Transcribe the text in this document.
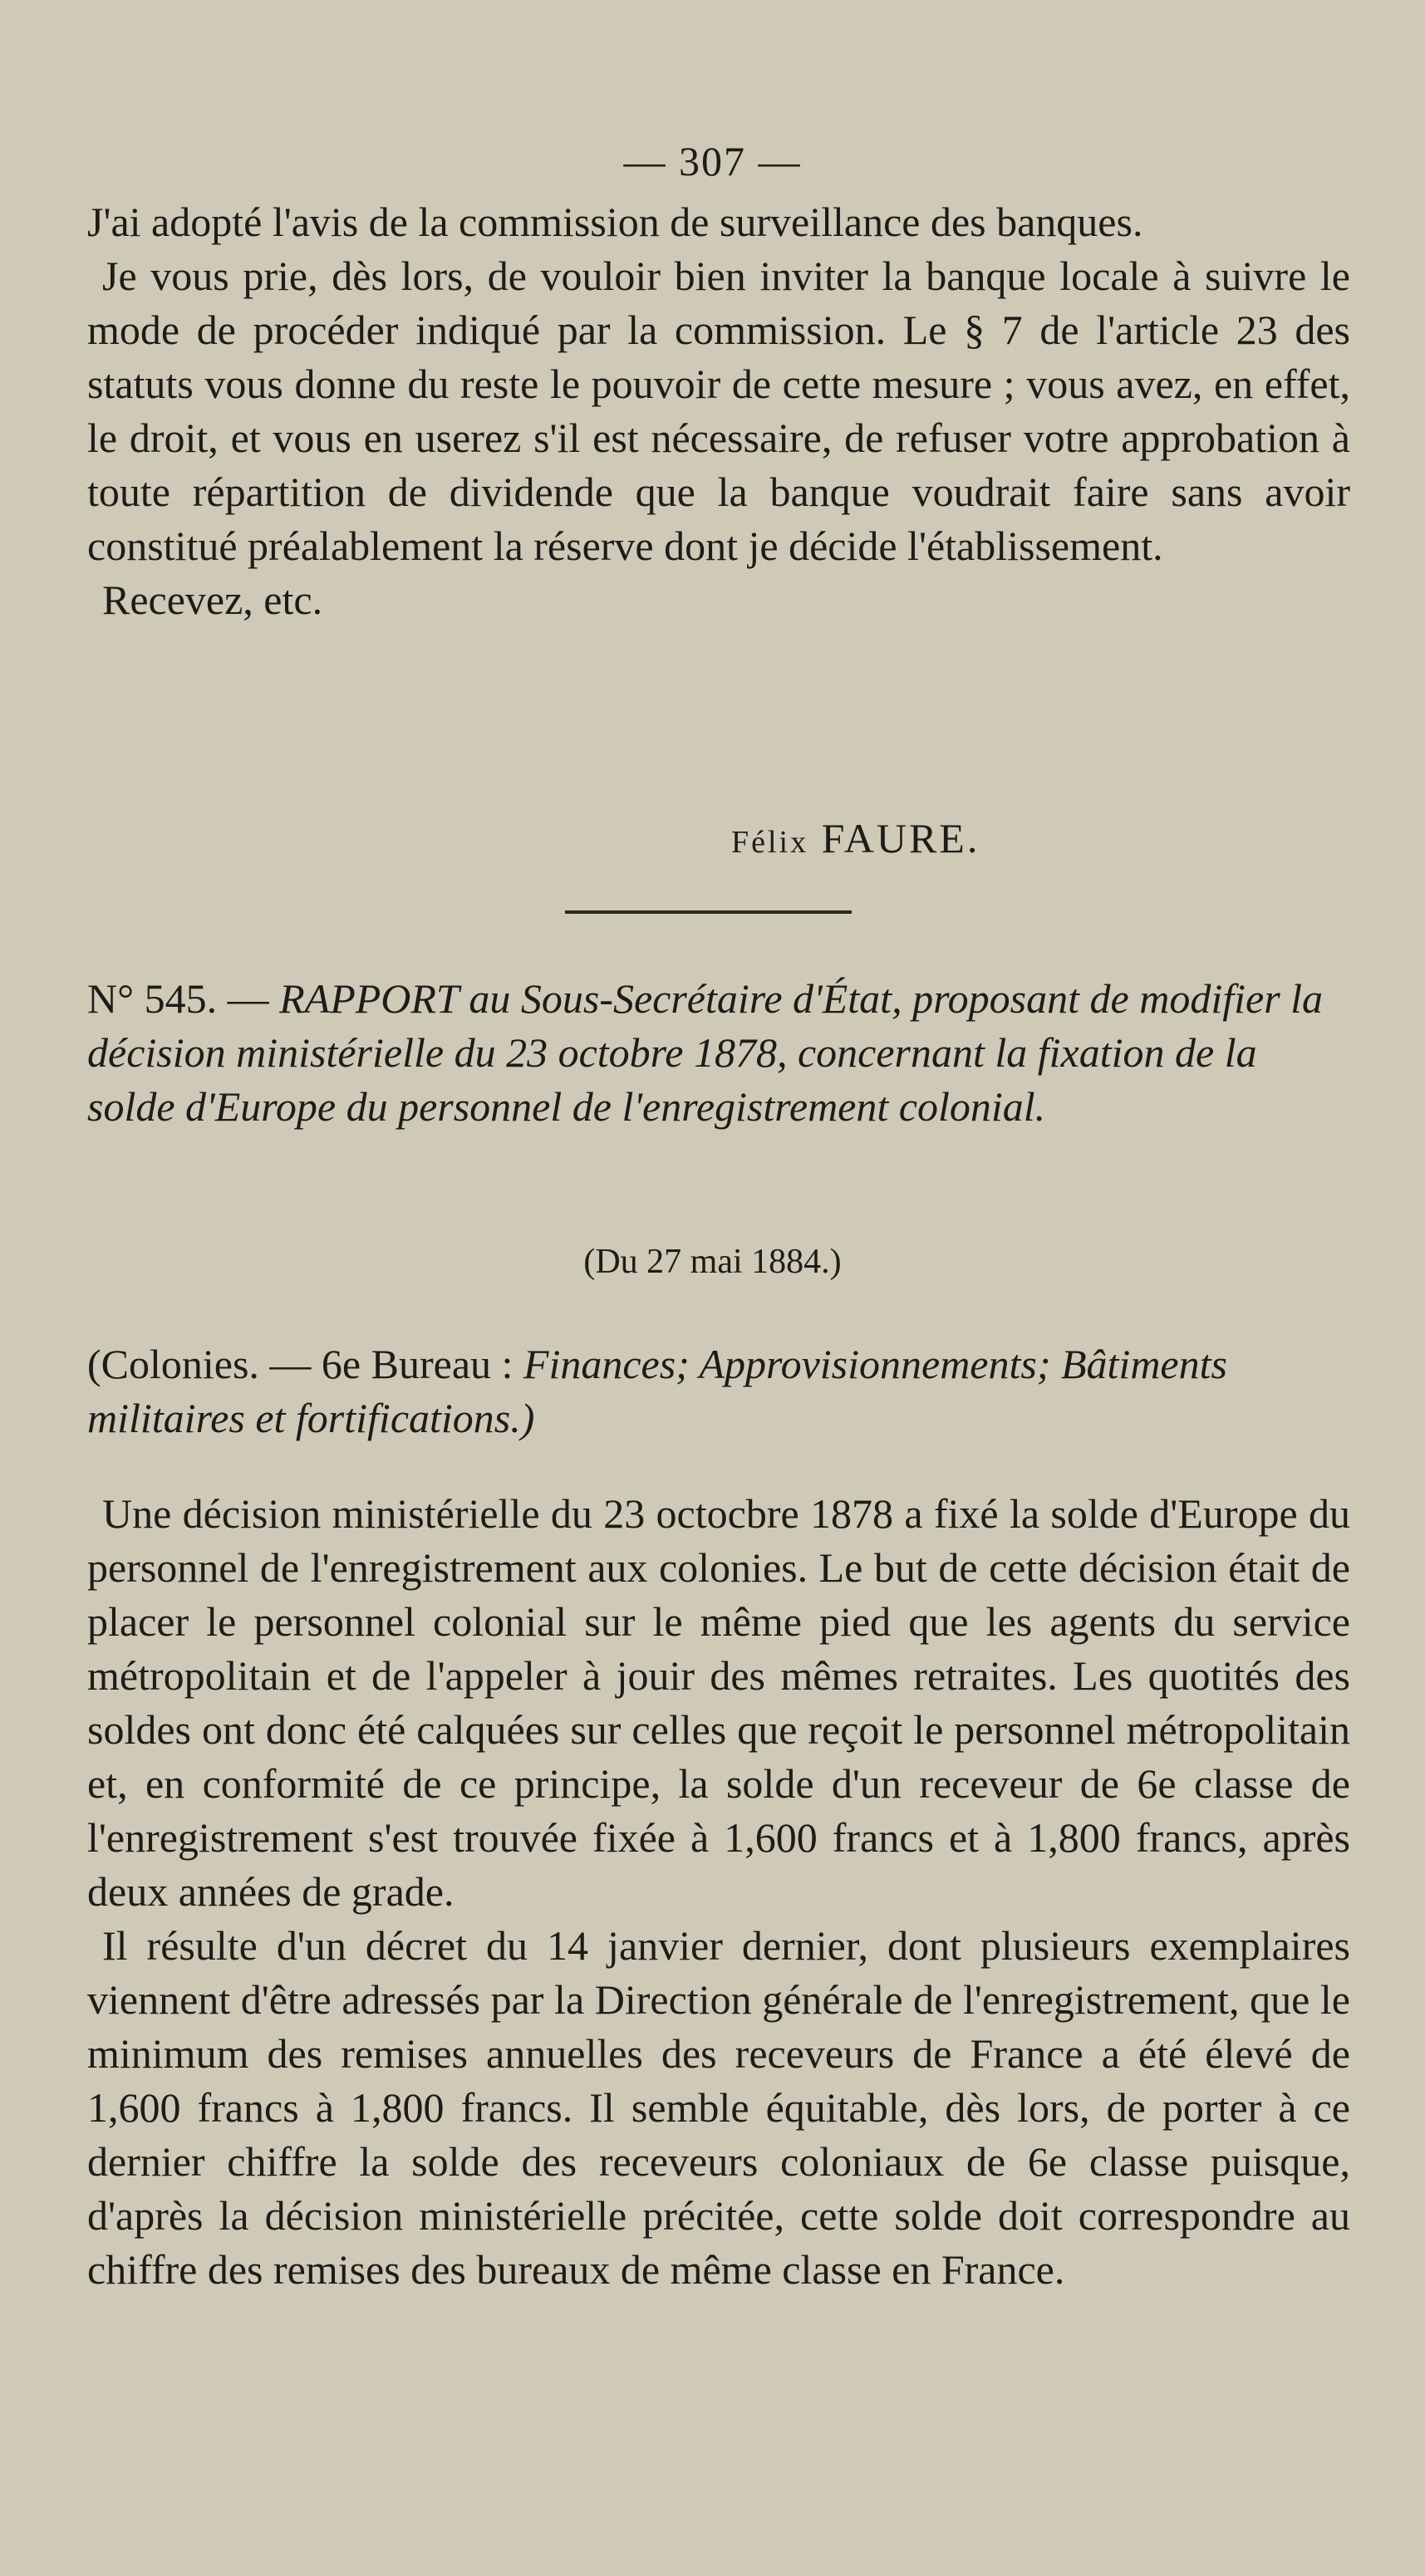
— 307 —

J'ai adopté l'avis de la commission de surveillance des banques.

Je vous prie, dès lors, de vouloir bien inviter la banque locale à suivre le mode de procéder indiqué par la commission. Le § 7 de l'article 23 des statuts vous donne du reste le pouvoir de cette mesure ; vous avez, en effet, le droit, et vous en userez s'il est nécessaire, de refuser votre approbation à toute répartition de dividende que la banque voudrait faire sans avoir constitué préalablement la réserve dont je décide l'établissement.

Recevez, etc.

Félix FAURE.
N° 545. — RAPPORT au Sous-Secrétaire d'État, proposant de modifier la décision ministérielle du 23 octobre 1878, concernant la fixation de la solde d'Europe du personnel de l'enregistrement colonial.
(Du 27 mai 1884.)
(Colonies. — 6e Bureau : Finances; Approvisionnements; Bâtiments militaires et fortifications.)

Une décision ministérielle du 23 octocbre 1878 a fixé la solde d'Europe du personnel de l'enregistrement aux colonies. Le but de cette décision était de placer le personnel colonial sur le même pied que les agents du service métropolitain et de l'appeler à jouir des mêmes retraites. Les quotités des soldes ont donc été calquées sur celles que reçoit le personnel métropolitain et, en conformité de ce principe, la solde d'un receveur de 6e classe de l'enregistrement s'est trouvée fixée à 1,600 francs et à 1,800 francs, après deux années de grade.

Il résulte d'un décret du 14 janvier dernier, dont plusieurs exemplaires viennent d'être adressés par la Direction générale de l'enregistrement, que le minimum des remises annuelles des receveurs de France a été élevé de 1,600 francs à 1,800 francs. Il semble équitable, dès lors, de porter à ce dernier chiffre la solde des receveurs coloniaux de 6e classe puisque, d'après la décision ministérielle précitée, cette solde doit correspondre au chiffre des remises des bureaux de même classe en France.
